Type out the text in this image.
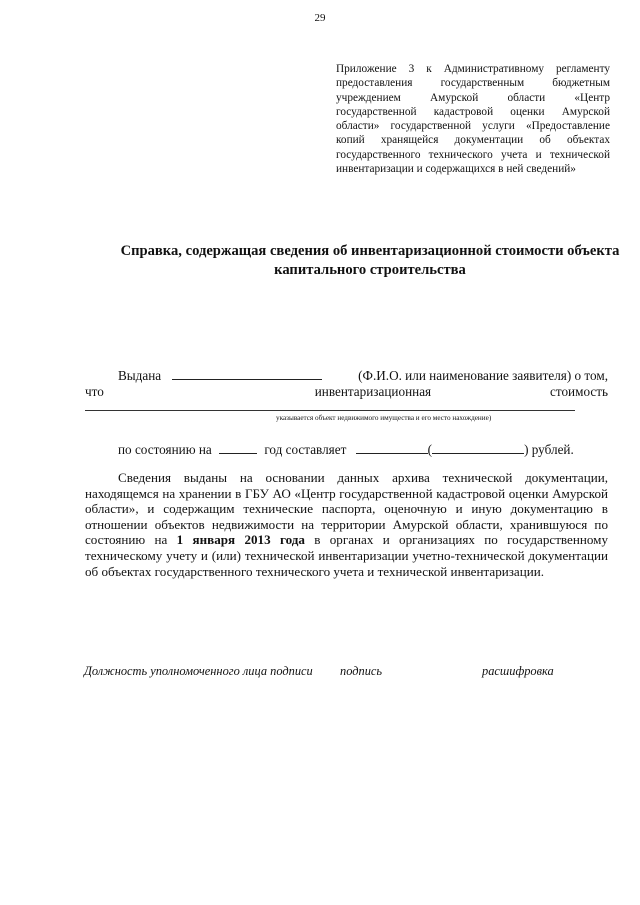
29
Приложение 3 к Административному регламенту предоставления государственным бюджетным учреждением Амурской области «Центр государственной кадастровой оценки Амурской области» государственной услуги «Предоставление копий хранящейся документации об объектах государственного технического учета и технической инвентаризации и содержащихся в ней сведений»
Справка, содержащая сведения об инвентаризационной стоимости объекта капитального строительства
Выдана	(Ф.И.О. или наименование заявителя) о том,
что	инвентаризационная	стоимость
указывается объект недвижимого имущества и его место нахождение)
по состоянию на	год составляет	(	) рублей.
Сведения выданы на основании данных архива технической документации, находящемся на хранении в ГБУ АО «Центр государственной кадастровой оценки Амурской области», и содержащим технические паспорта, оценочную и иную документацию в отношении объектов недвижимости на территории Амурской области, хранившуюся по состоянию на 1 января 2013 года в органах и организациях по государственному техническому учету и (или) технической инвентаризации учетно-технической документации об объектах государственного технического учета и технической инвентаризации.
Должность уполномоченного лица подписи	подпись	расшифровка
